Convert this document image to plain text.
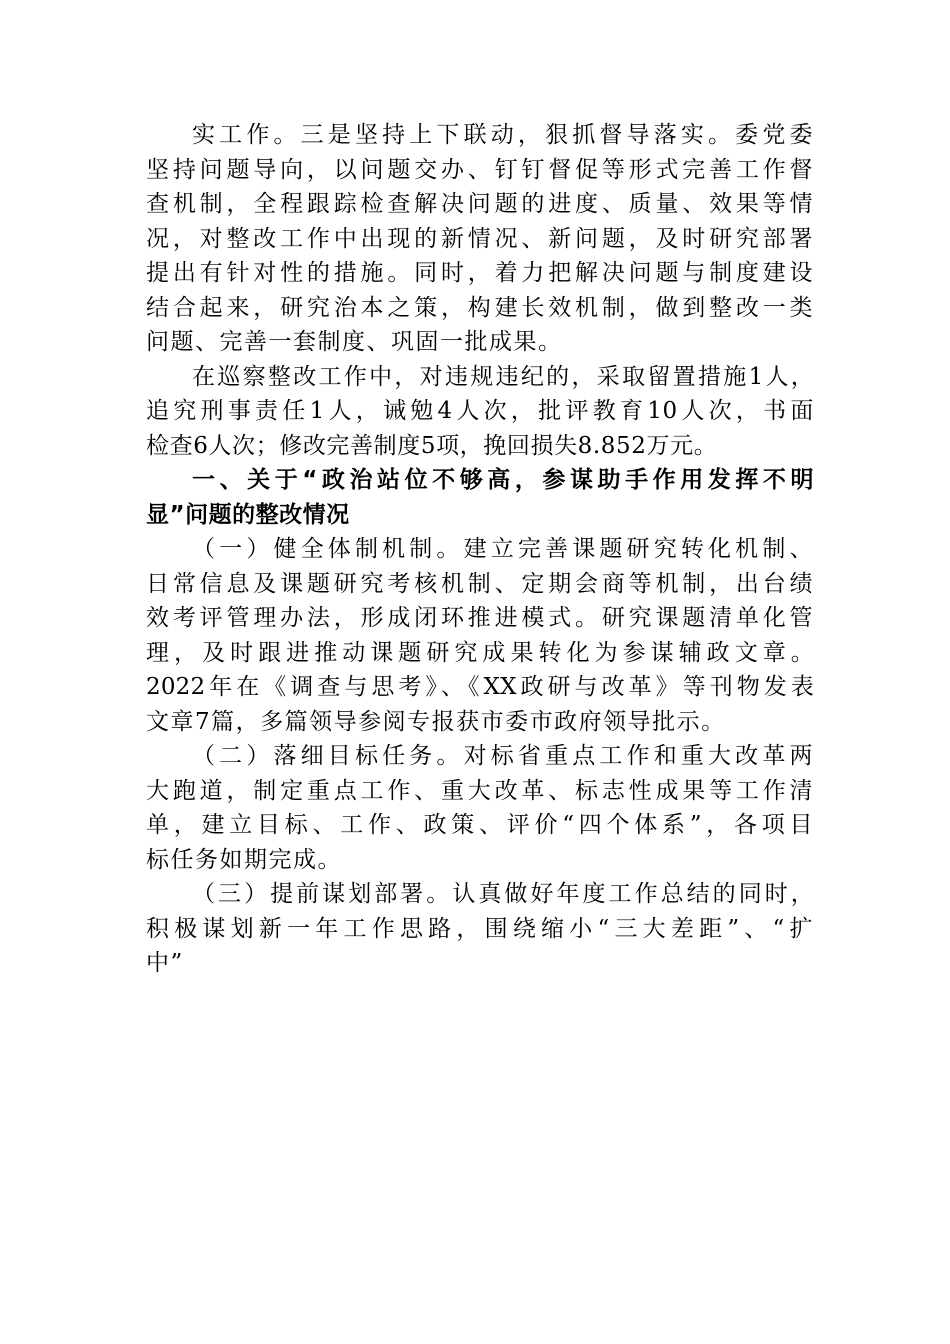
实工作。三是坚持上下联动，狠抓督导落实。委党委
坚持问题导向，以问题交办、钉钉督促等形式完善工作督
查机制，全程跟踪检查解决问题的进度、质量、效果等情
况，对整改工作中出现的新情况、新问题，及时研究部署
提出有针对性的措施。同时，着力把解决问题与制度建设
结合起来，研究治本之策，构建长效机制，做到整改一类
问题、完善一套制度、巩固一批成果。
在巡察整改工作中，对违规违纪的，采取留置措施1人，
追究刑事责任1人，诫勉4人次，批评教育10人次，书面
检查6人次；修改完善制度5项，挽回损失8.852万元。
一、关于“政治站位不够高，参谋助手作用发挥不明
显”问题的整改情况
（一）健全体制机制。建立完善课题研究转化机制、
日常信息及课题研究考核机制、定期会商等机制，出台绩
效考评管理办法，形成闭环推进模式。研究课题清单化管
理，及时跟进推动课题研究成果转化为参谋辅政文章。
2022年在《调查与思考》、《XX政研与改革》等刊物发表
文章7篇，多篇领导参阅专报获市委市政府领导批示。
（二）落细目标任务。对标省重点工作和重大改革两
大跑道，制定重点工作、重大改革、标志性成果等工作清
单，建立目标、工作、政策、评价“四个体系”，各项目
标任务如期完成。
（三）提前谋划部署。认真做好年度工作总结的同时，
积极谋划新一年工作思路，围绕缩小“三大差距”、“扩
中”
